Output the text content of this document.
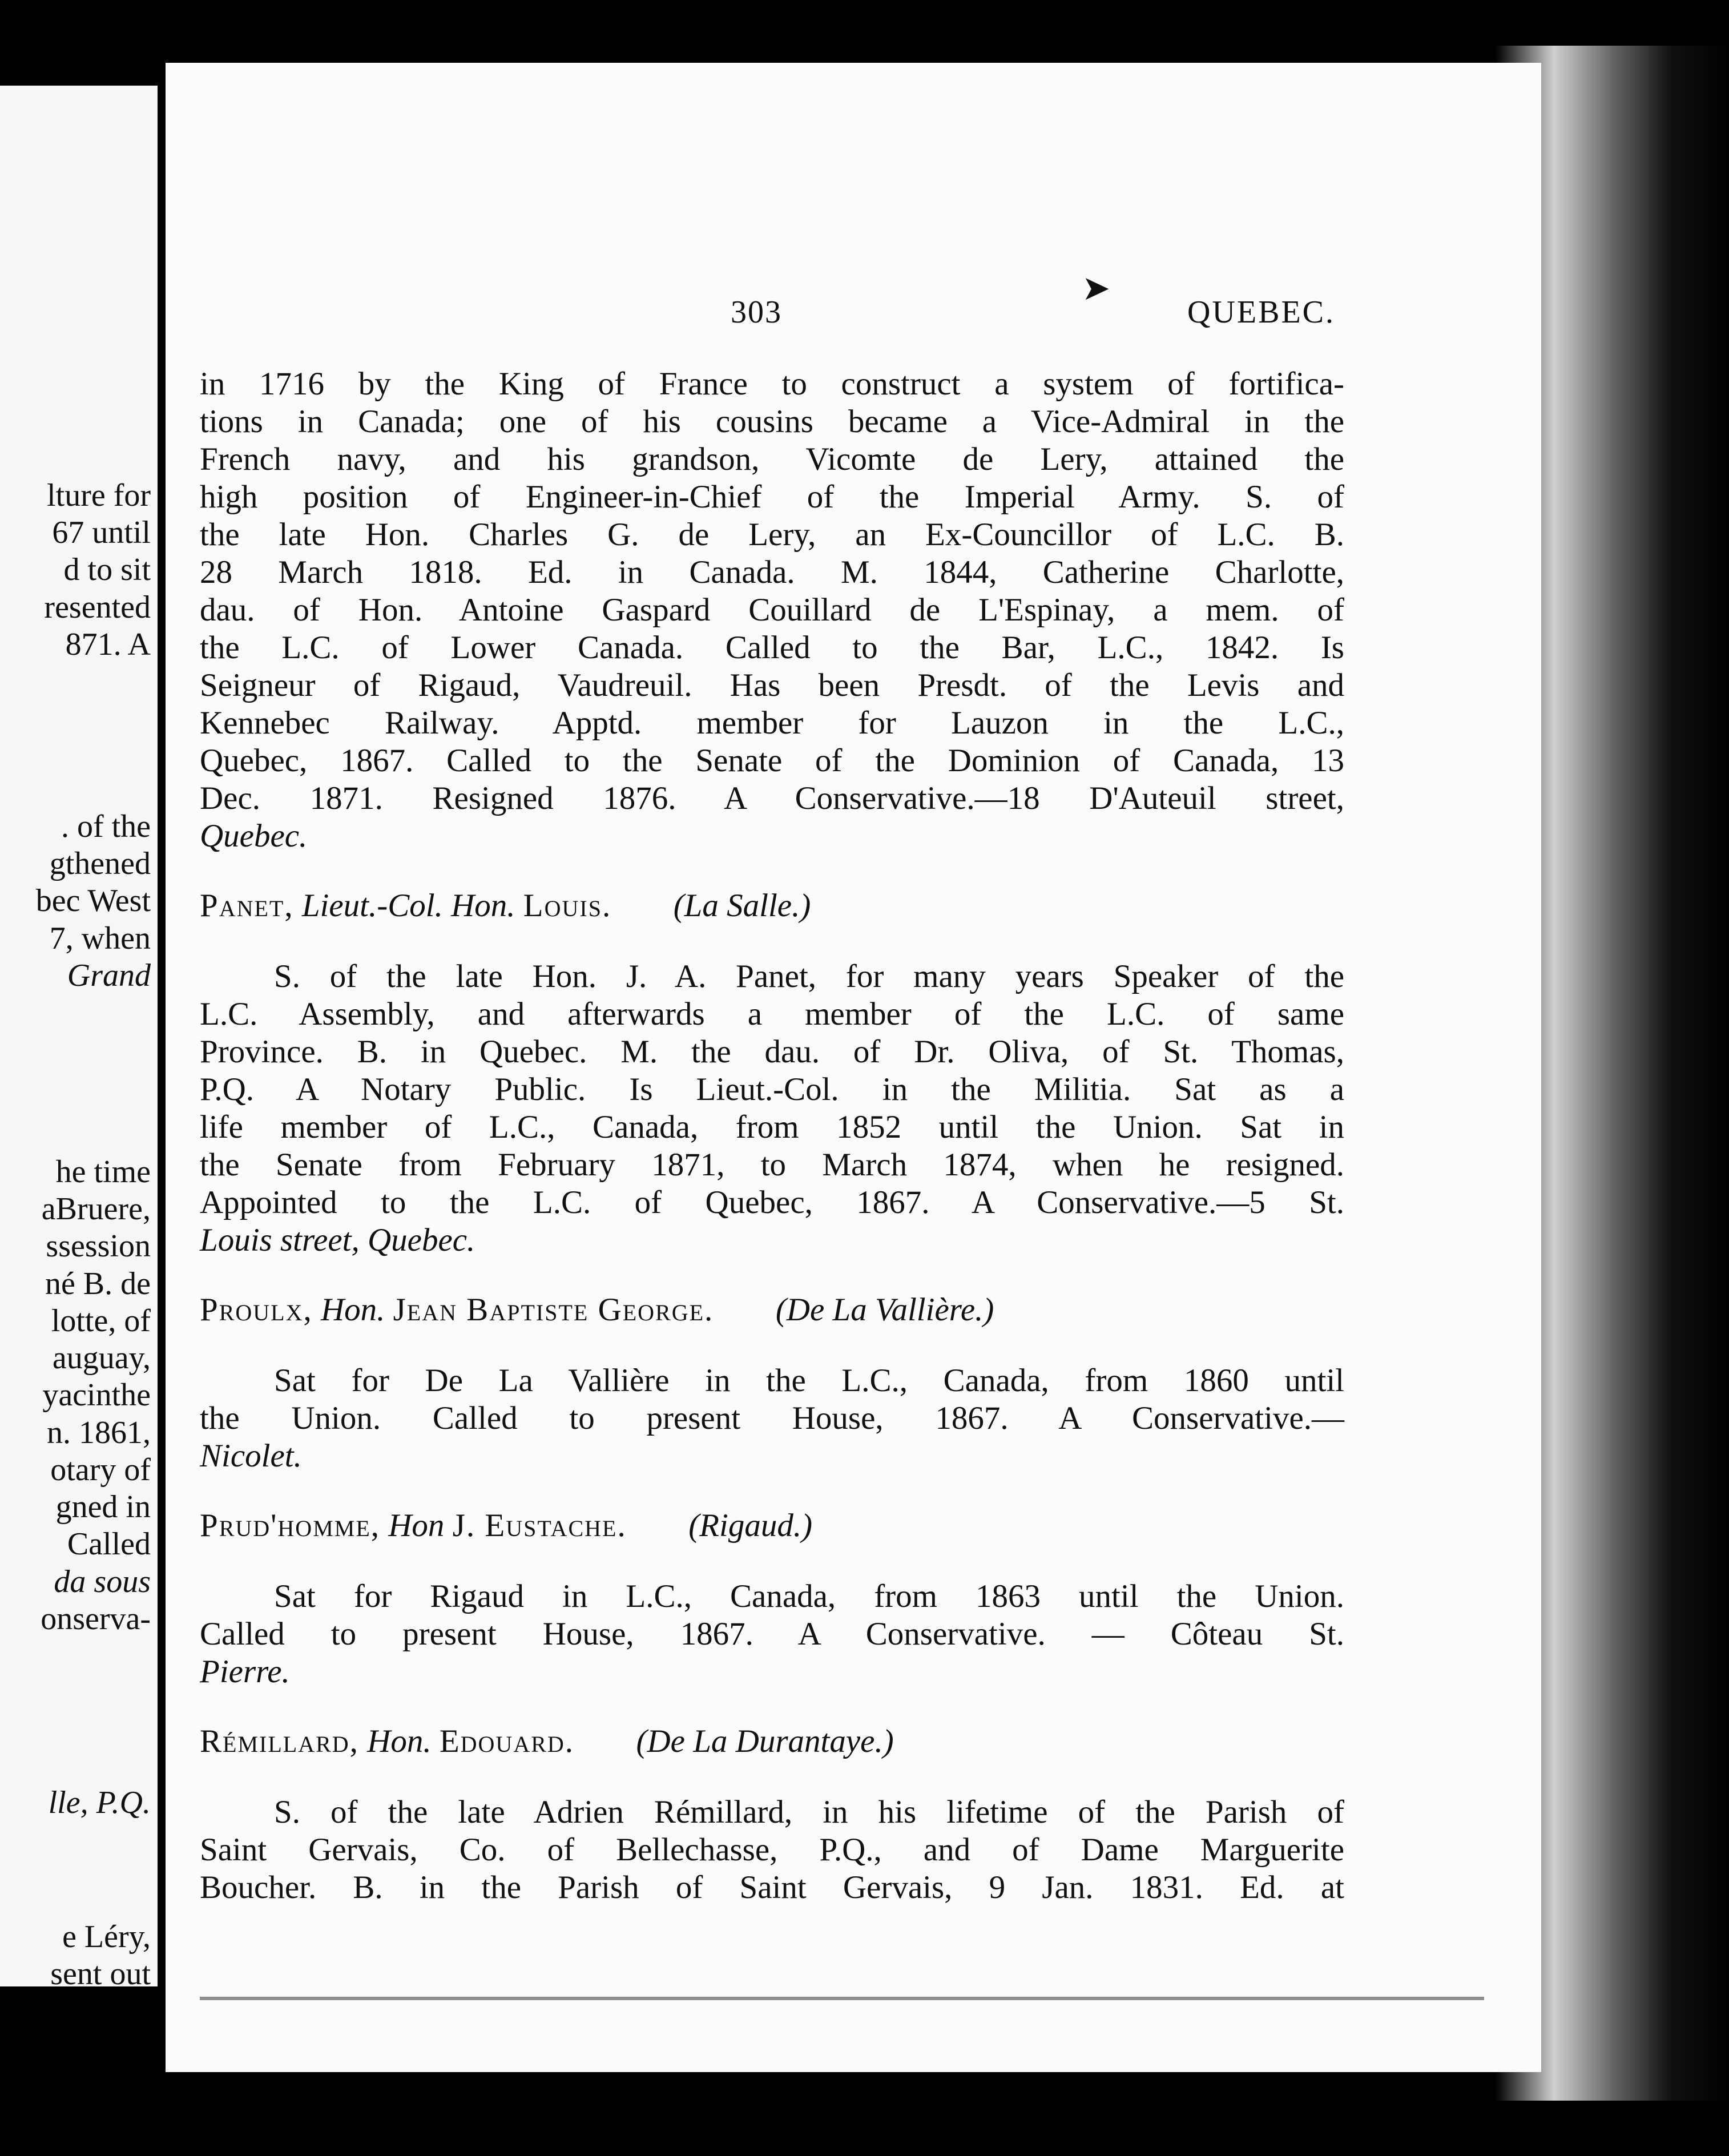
lture for
67 until
d to sit
resented
871. A
. of the
gthened
bec West
7, when
Grand
he time
aBruere,
ssession
né B. de
lotte, of
auguay,
yacinthe
n. 1861,
otary of
gned in
Called
da sous
onserva-
lle, P.Q.
e Léry,
sent out
➤
303	QUEBEC.
in 1716 by the King of France to construct a system of fortifica-
tions in Canada; one of his cousins became a Vice-Admiral in the
French navy, and his grandson, Vicomte de Lery, attained the
high position of Engineer-in-Chief of the Imperial Army. S. of
the late Hon. Charles G. de Lery, an Ex-Councillor of L.C. B.
28 March 1818. Ed. in Canada. M. 1844, Catherine Charlotte,
dau. of Hon. Antoine Gaspard Couillard de L'Espinay, a mem. of
the L.C. of Lower Canada. Called to the Bar, L.C., 1842. Is
Seigneur of Rigaud, Vaudreuil. Has been Presdt. of the Levis and
Kennebec Railway. Apptd. member for Lauzon in the L.C.,
Quebec, 1867. Called to the Senate of the Dominion of Canada, 13
Dec. 1871. Resigned 1876. A Conservative.—18 D'Auteuil street,
Quebec.
Panet, Lieut.-Col. Hon. Louis. (La Salle.)
S. of the late Hon. J. A. Panet, for many years Speaker of the
L.C. Assembly, and afterwards a member of the L.C. of same
Province. B. in Quebec. M. the dau. of Dr. Oliva, of St. Thomas,
P.Q. A Notary Public. Is Lieut.-Col. in the Militia. Sat as a
life member of L.C., Canada, from 1852 until the Union. Sat in
the Senate from February 1871, to March 1874, when he resigned.
Appointed to the L.C. of Quebec, 1867. A Conservative.—5 St.
Louis street, Quebec.
Proulx, Hon. Jean Baptiste George. (De La Vallière.)
Sat for De La Vallière in the L.C., Canada, from 1860 until
the Union. Called to present House, 1867. A Conservative.—
Nicolet.
Prud'homme, Hon J. Eustache. (Rigaud.)
Sat for Rigaud in L.C., Canada, from 1863 until the Union.
Called to present House, 1867. A Conservative. — Côteau St.
Pierre.
Rémillard, Hon. Edouard. (De La Durantaye.)
S. of the late Adrien Rémillard, in his lifetime of the Parish of
Saint Gervais, Co. of Bellechasse, P.Q., and of Dame Marguerite
Boucher. B. in the Parish of Saint Gervais, 9 Jan. 1831. Ed. at
